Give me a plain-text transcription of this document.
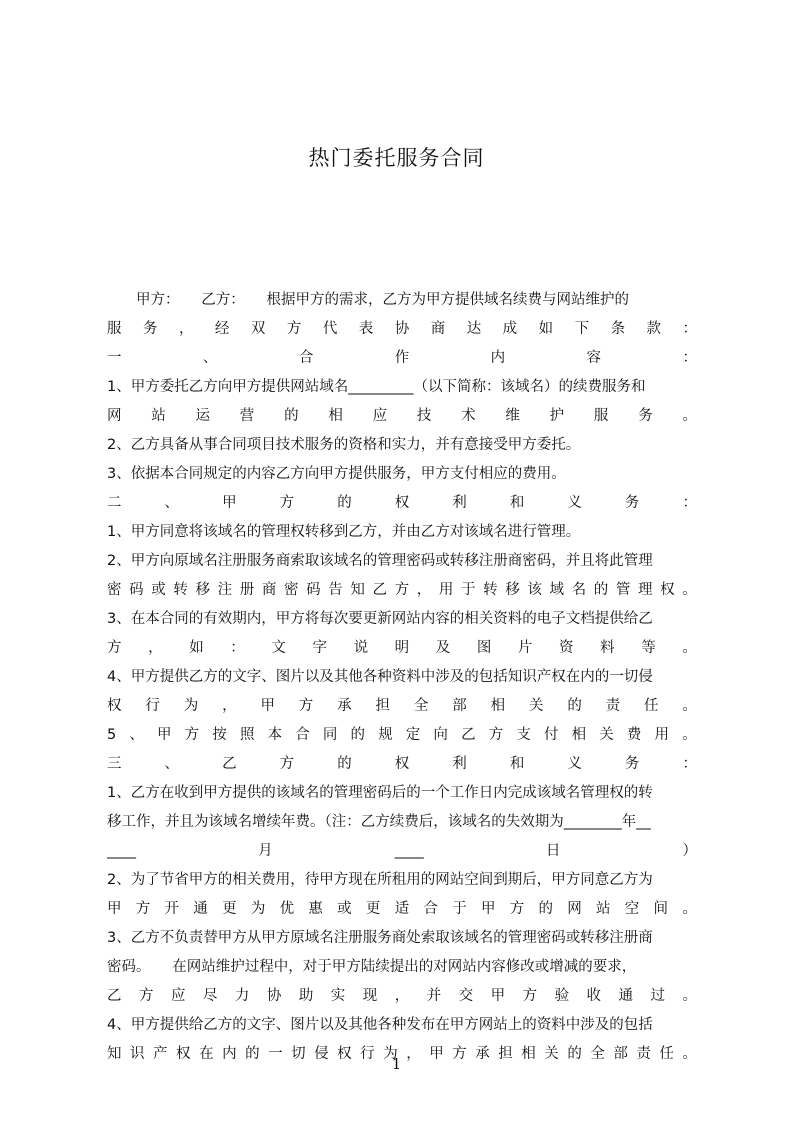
热门委托服务合同
　　甲方：　　乙方：　　根据甲方的需求，乙方为甲方提供域名续费与网站维护的
服 务 ， 经 双 方 代 表 协 商 达 成 如 下 条 款 ：
一	、	合	作	内	容	：
1、甲方委托乙方向甲方提供网站域名_________（以下简称：该域名）的续费服务和
网 站 运 营 的 相 应 技 术 维 护 服 务 。
2、乙方具备从事合同项目技术服务的资格和实力，并有意接受甲方委托。
3、依据本合同规定的内容乙方向甲方提供服务，甲方支付相应的费用。
二	、	甲	方	的	权	利	和	义	务	：
1、甲方同意将该域名的管理权转移到乙方，并由乙方对该域名进行管理。
2、甲方向原域名注册服务商索取该域名的管理密码或转移注册商密码，并且将此管理
密 码 或 转 移 注 册 商 密 码 告 知 乙 方 ， 用 于 转 移 该 域 名 的 管 理 权 。
3、在本合同的有效期内，甲方将每次要更新网站内容的相关资料的电子文档提供给乙
方 ， 如 ： 文 字 说 明 及 图 片 资 料 等 。
4、甲方提供乙方的文字、图片以及其他各种资料中涉及的包括知识产权在内的一切侵
权 行 为 ， 甲 方 承 担 全 部 相 关 的 责 任 。
5 、 甲 方 按 照 本 合 同 的 规 定 向 乙 方 支 付 相 关 费 用 。
三	、	乙	方	的	权	利	和	义	务	：
1、乙方在收到甲方提供的该域名的管理密码后的一个工作日内完成该域名管理权的转
移工作，并且为该域名增续年费。（注：乙方续费后，该域名的失效期为________年__
____	月	____	日	）
2、为了节省甲方的相关费用，待甲方现在所租用的网站空间到期后，甲方同意乙方为
甲 方 开 通 更 为 优 惠 或 更 适 合 于 甲 方 的 网 站 空 间 。
3、乙方不负责替甲方从甲方原域名注册服务商处索取该域名的管理密码或转移注册商
密码。　　在网站维护过程中，对于甲方陆续提出的对网站内容修改或增减的要求，
乙 方 应 尽 力 协 助 实 现 ， 并 交 甲 方 验 收 通 过 。
4、甲方提供给乙方的文字、图片以及其他各种发布在甲方网站上的资料中涉及的包括
知 识 产 权 在 内 的 一 切 侵 权 行 为 ， 甲 方 承 担 相 关 的 全 部 责 任 。
1
